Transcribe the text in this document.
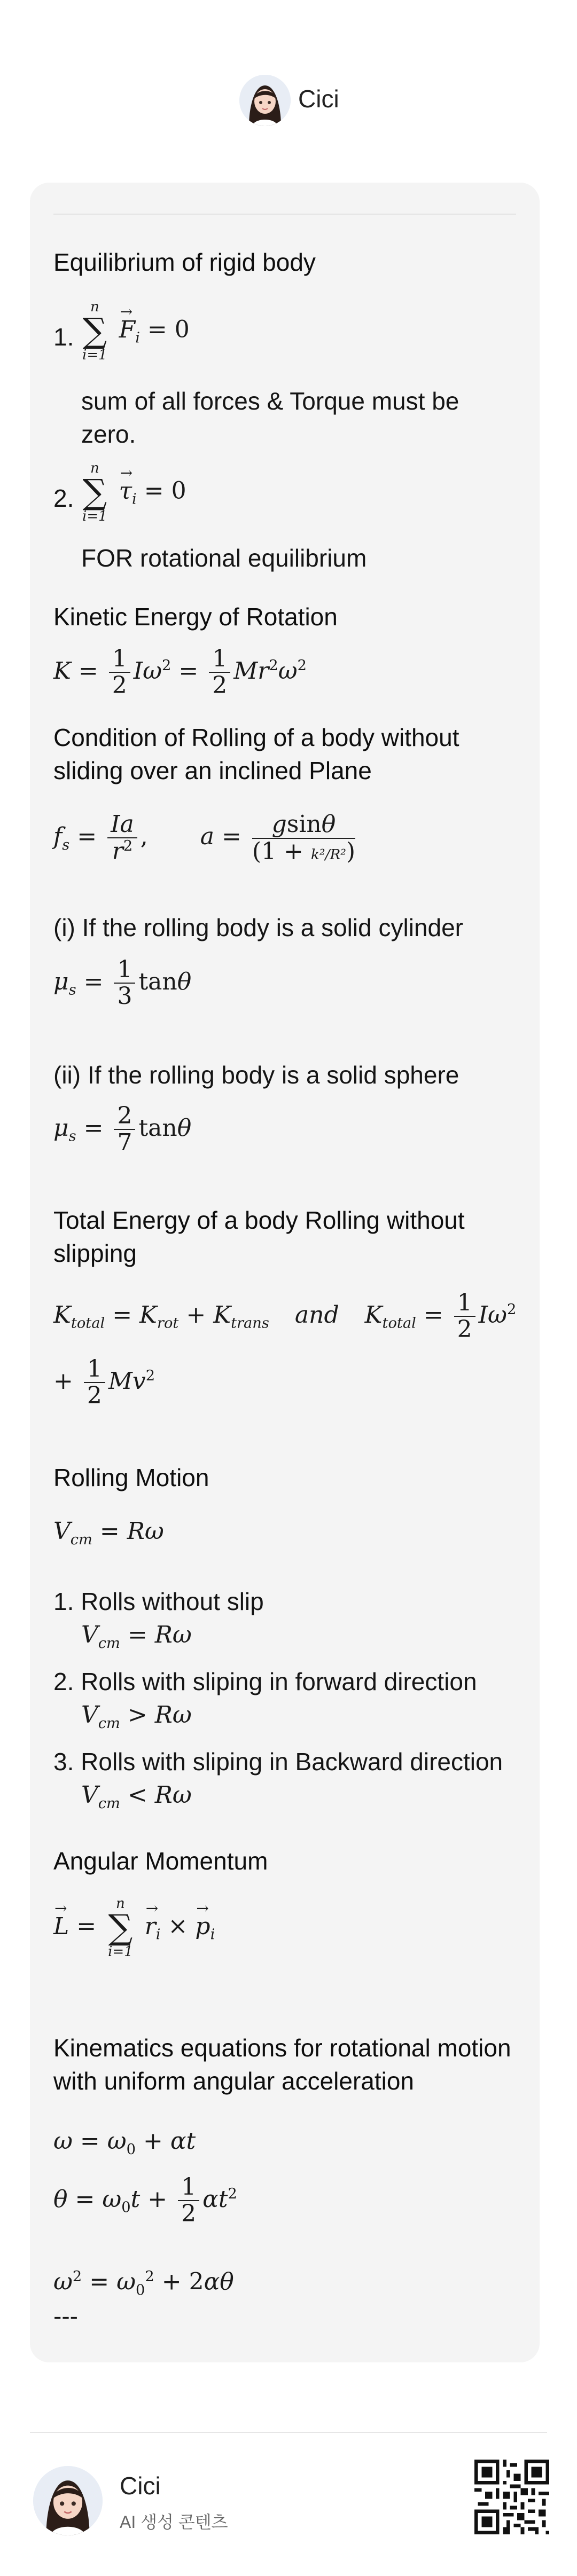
Cici
Equilibrium of rigid body
1.
n
∑
i=1
$F \to_i = 0$
sum of all forces & Torque must be zero.
2.
n
∑
i=1
$\tau \to_i = 0$
FOR rotational equilibrium
Kinetic Energy of Rotation
$K = \frac{1}{2} I\omega^2 = \frac{1}{2} Mr^2\omega^2$
Condition of Rolling of a body without sliding over an inclined Plane
$f_s = \frac{Ia}{r^2}$ ,  $a = \frac{gsin\theta}{\text{(1 + k²/R²)}}$
(i) If the rolling body is a solid cylinder
$\mu_s = \frac{1}{3}$ tanθ
(ii) If the rolling body is a solid sphere
$\mu_s = \frac{2}{7}$ tanθ
Total Energy of a body Rolling without slipping
$K_{total} = K_{rot} + K_{trans}$ and $K_{total} = \frac{1}{2} I\omega^2$
+ $\frac{1}{2} Mv^2$
Rolling Motion
$V_{cm} = R\omega$
1. Rolls without slip
$V_{cm} = R\omega$
2. Rolls with sliping in forward direction
$V_{cm} > R\omega$
3. Rolls with sliping in Backward direction
$V_{cm} < R\omega$
Angular Momentum
L → =
n
∑
i=1
$r \to_i \times p \to_i$
Kinematics equations for rotational motion with uniform angular acceleration
$\omega = \omega_0 + \alpha t$
$\theta = \omega_0t + \frac{1}{2} \alpha t^2$
$\omega^2 = \omega_0^2 + 2\alpha\theta$
---
Cici
AI 생성 콘텐츠
